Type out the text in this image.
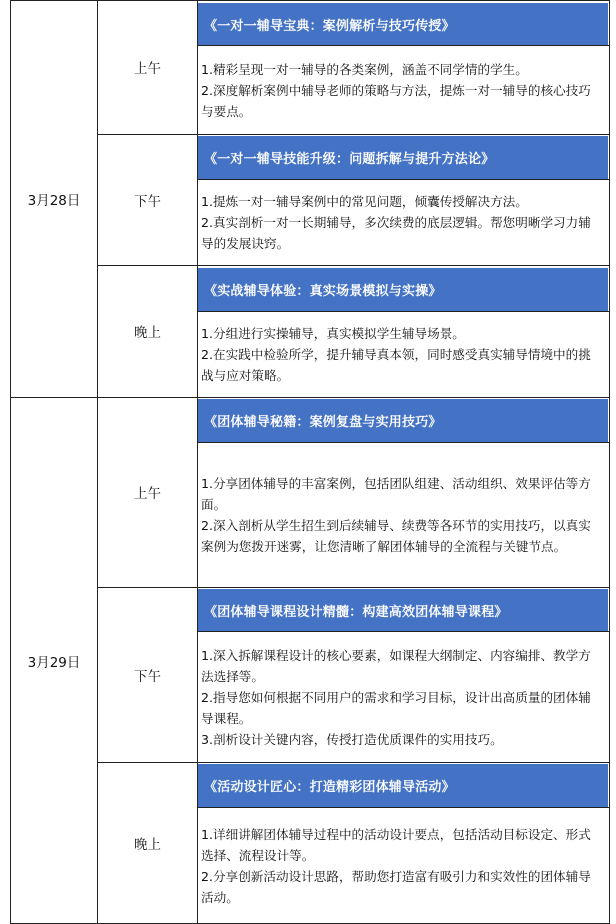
3月28日
3月29日
上午
下午
晚上
上午
下午
晚上
《一对一辅导宝典：案例解析与技巧传授》
《一对一辅导技能升级：问题拆解与提升方法论》
《实战辅导体验：真实场景模拟与实操》
《团体辅导秘籍：案例复盘与实用技巧》
《团体辅导课程设计精髓：构建高效团体辅导课程》
《活动设计匠心：打造精彩团体辅导活动》

1.精彩呈现一对一辅导的各类案例，涵盖不同学情的学生。

2.深度解析案例中辅导老师的策略与方法，提炼一对一辅导的核心技巧与要点。

1.提炼一对一辅导案例中的常见问题，倾囊传授解决方法。

2.真实剖析一对一长期辅导，多次续费的底层逻辑。帮您明晰学习力辅导的发展诀窍。

1.分组进行实操辅导，真实模拟学生辅导场景。

2.在实践中检验所学，提升辅导真本领，同时感受真实辅导情境中的挑战与应对策略。

1.分享团体辅导的丰富案例，包括团队组建、活动组织、效果评估等方面。

2.深入剖析从学生招生到后续辅导、续费等各环节的实用技巧，以真实案例为您拨开迷雾，让您清晰了解团体辅导的全流程与关键节点。

1.深入拆解课程设计的核心要素，如课程大纲制定、内容编排、教学方法选择等。

2.指导您如何根据不同用户的需求和学习目标，设计出高质量的团体辅导课程。

3.剖析设计关键内容，传授打造优质课件的实用技巧。

1.详细讲解团体辅导过程中的活动设计要点，包括活动目标设定、形式选择、流程设计等。

2.分享创新活动设计思路，帮助您打造富有吸引力和实效性的团体辅导活动。
